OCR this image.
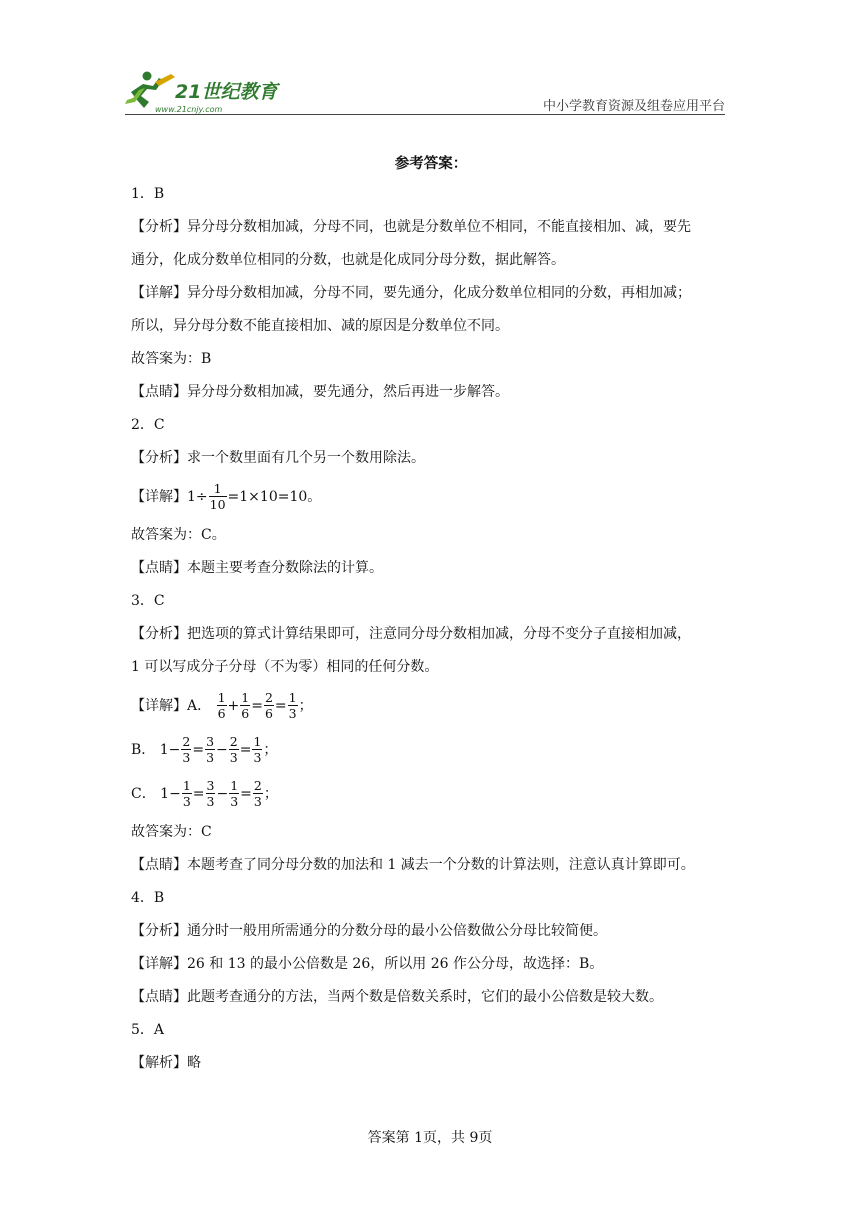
21世纪教育
www.21cnjy.com	中小学教育资源及组卷应用平台
参考答案：
1．B
【分析】异分母分数相加减，分母不同，也就是分数单位不相同，不能直接相加、减，要先
通分，化成分数单位相同的分数，也就是化成同分母分数，据此解答。
【详解】异分母分数相加减，分母不同，要先通分，化成分数单位相同的分数，再相加减；
所以，异分母分数不能直接相加、减的原因是分数单位不同。
故答案为：B
【点睛】异分母分数相加减，要先通分，然后再进一步解答。
2．C
【分析】求一个数里面有几个另一个数用除法。
【详解】$1\div \frac{1}{10} =1\times 10=10$。
故答案为：C。
【点睛】本题主要考查分数除法的计算。
3．C
【分析】把选项的算式计算结果即可，注意同分母分数相加减，分母不变分子直接相加减，
1 可以写成分子分母（不为零）相同的任何分数。
【详解】A． $\frac{1}{6} + \frac{1}{6} = \frac{2}{6} = \frac{1}{3}$ ；
B． $1- \frac{2}{3} = \frac{3}{3} - \frac{2}{3} = \frac{1}{3}$ ；
C． $1- \frac{1}{3} = \frac{3}{3} - \frac{1}{3} = \frac{2}{3}$ ；
故答案为：C
【点睛】本题考查了同分母分数的加法和 1 减去一个分数的计算法则，注意认真计算即可。
4．B
【分析】通分时一般用所需通分的分数分母的最小公倍数做公分母比较简便。
【详解】26 和 13 的最小公倍数是 26，所以用 26 作公分母，故选择：B。
【点睛】此题考查通分的方法，当两个数是倍数关系时，它们的最小公倍数是较大数。
5．A
【解析】略
答案第 1页，共 9页
